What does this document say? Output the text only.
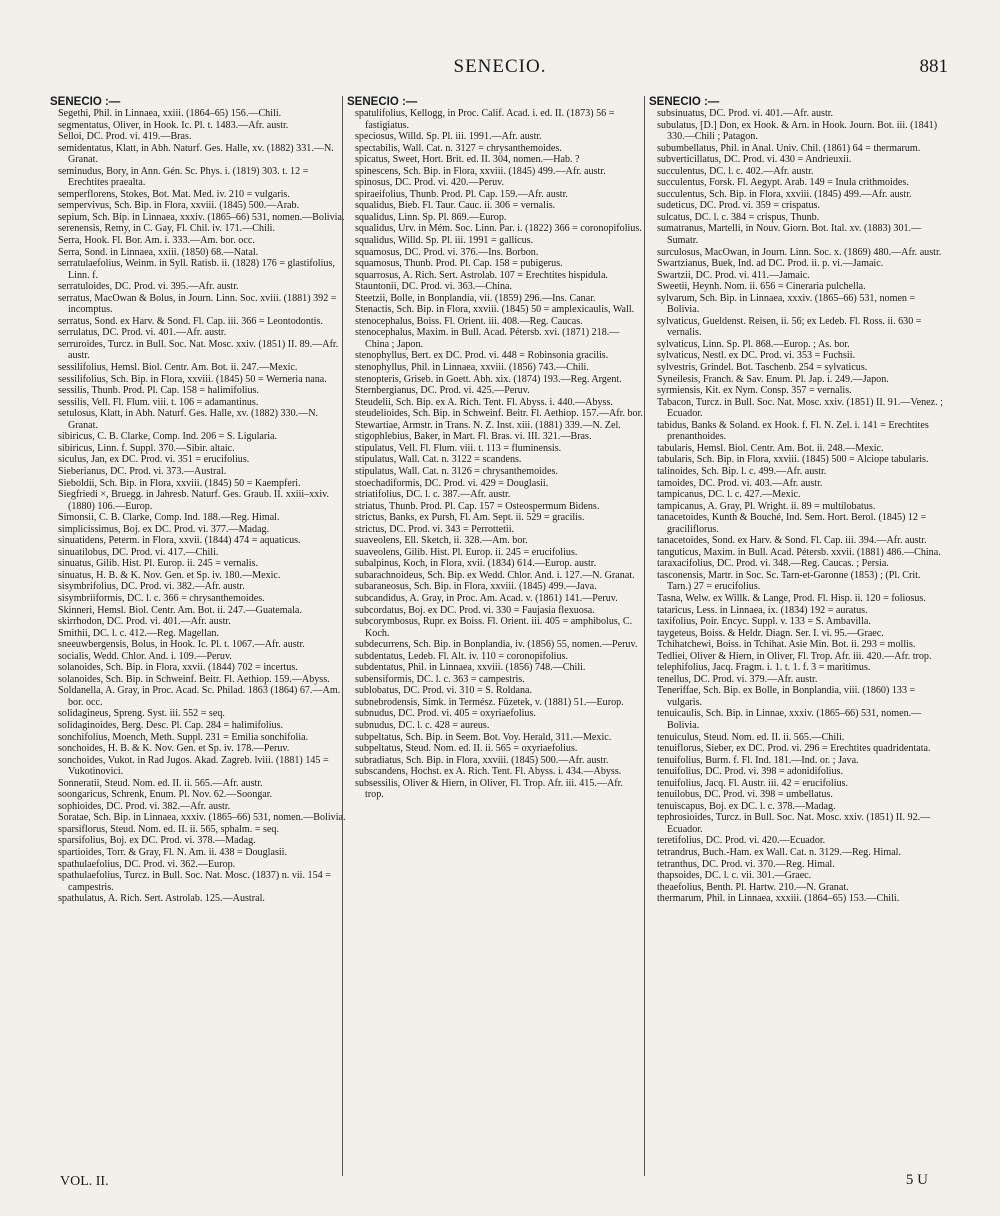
SENECIO.	881
SENECIO :—
Segethi, Phil. in Linnaea, xxiii. (1864–65) 156.—Chili.
segmentatus, Oliver, in Hook. Ic. Pl. t. 1483.—Afr. austr.
Selloi, DC. Prod. vi. 419.—Bras.
semidentatus, Klatt, in Abh. Naturf. Ges. Halle, xv. (1882) 331.—N. Granat.
seminudus, Bory, in Ann. Gén. Sc. Phys. i. (1819) 303. t. 12 = Erechtites praealta.
semperflorens, Stokes, Bot. Mat. Med. iv. 210 = vulgaris.
sempervivus, Sch. Bip. in Flora, xxviii. (1845) 500.—Arab.
sepium, Sch. Bip. in Linnaea, xxxiv. (1865–66) 531, nomen.—Bolivia.
serenensis, Remy, in C. Gay, Fl. Chil. iv. 171.—Chili.
Serra, Hook. Fl. Bor. Am. i. 333.—Am. bor. occ.
Serra, Sond. in Linnaea, xxiii. (1850) 68.—Natal.
serratulaefolius, Weinm. in Syll. Ratisb. ii. (1828) 176 = glastifolius, Linn. f.
serratuloides, DC. Prod. vi. 395.—Afr. austr.
serratus, MacOwan & Bolus, in Journ. Linn. Soc. xviii. (1881) 392 = incomptus.
serratus, Sond. ex Harv. & Sond. Fl. Cap. iii. 366 = Leontodontis.
serrulatus, DC. Prod. vi. 401.—Afr. austr.
serruroides, Turcz. in Bull. Soc. Nat. Mosc. xxiv. (1851) II. 89.—Afr. austr.
sessilifolius, Hemsl. Biol. Centr. Am. Bot. ii. 247.—Mexic.
sessilifolius, Sch. Bip. in Flora, xxviii. (1845) 50 = Werneria nana.
sessilis, Thunb. Prod. Pl. Cap. 158 = halimifolius.
sessilis, Vell. Fl. Flum. viii. t. 106 = adamantinus.
setulosus, Klatt, in Abh. Naturf. Ges. Halle, xv. (1882) 330.—N. Granat.
sibiricus, C. B. Clarke, Comp. Ind. 206 = S. Ligularia.
sibiricus, Linn. f. Suppl. 370.—Sibir. altaic.
siculus, Jan, ex DC. Prod. vi. 351 = erucifolius.
Sieberianus, DC. Prod. vi. 373.—Austral.
Sieboldii, Sch. Bip. in Flora, xxviii. (1845) 50 = Kaempferi.
Siegfriedi ×, Bruegg. in Jahresb. Naturf. Ges. Graub. II. xxiii–xxiv. (1880) 106.—Europ.
Simonsii, C. B. Clarke, Comp. Ind. 188.—Reg. Himal.
simplicissimus, Boj. ex DC. Prod. vi. 377.—Madag.
sinuatidens, Peterm. in Flora, xxvii. (1844) 474 = aquaticus.
sinuatilobus, DC. Prod. vi. 417.—Chili.
sinuatus, Gilib. Hist. Pl. Europ. ii. 245 = vernalis.
sinuatus, H. B. & K. Nov. Gen. et Sp. iv. 180.—Mexic.
sisymbrifolius, DC. Prod. vi. 382.—Afr. austr.
sisymbriiformis, DC. l. c. 366 = chrysanthemoides.
Skinneri, Hemsl. Biol. Centr. Am. Bot. ii. 247.—Guatemala.
skirrhodon, DC. Prod. vi. 401.—Afr. austr.
Smithii, DC. l. c. 412.—Reg. Magellan.
sneeuwbergensis, Bolus, in Hook. Ic. Pl. t. 1067.—Afr. austr.
socialis, Wedd. Chlor. And. i. 109.—Peruv.
solanoides, Sch. Bip. in Flora, xxvii. (1844) 702 = incertus.
solanoides, Sch. Bip. in Schweinf. Beitr. Fl. Aethiop. 159.—Abyss.
Soldanella, A. Gray, in Proc. Acad. Sc. Philad. 1863 (1864) 67.—Am. bor. occ.
solidagineus, Spreng. Syst. iii. 552 = seq.
solidaginoides, Berg. Desc. Pl. Cap. 284 = halimifolius.
sonchifolius, Moench, Meth. Suppl. 231 = Emilia sonchifolia.
sonchoides, H. B. & K. Nov. Gen. et Sp. iv. 178.—Peruv.
sonchoides, Vukot. in Rad Jugos. Akad. Zagreb. lviii. (1881) 145 = Vukotinovici.
Sonneratii, Steud. Nom. ed. II. ii. 565.—Afr. austr.
soongaricus, Schrenk, Enum. Pl. Nov. 62.—Soongar.
sophioides, DC. Prod. vi. 382.—Afr. austr.
Soratae, Sch. Bip. in Linnaea, xxxiv. (1865–66) 531, nomen.—Bolivia.
sparsiflorus, Steud. Nom. ed. II. ii. 565, sphalm. = seq.
sparsifolius, Boj. ex DC. Prod. vi. 378.—Madag.
spartioides, Torr. & Gray, Fl. N. Am. ii. 438 = Douglasii.
spathulaefolius, DC. Prod. vi. 362.—Europ.
spathulaefolius, Turcz. in Bull. Soc. Nat. Mosc. (1837) n. vii. 154 = campestris.
spathulatus, A. Rich. Sert. Astrolab. 125.—Austral.
SENECIO :—
spatulifolius, Kellogg, in Proc. Calif. Acad. i. ed. II. (1873) 56 = fastigiatus.
speciosus, Willd. Sp. Pl. iii. 1991.—Afr. austr.
spectabilis, Wall. Cat. n. 3127 = chrysanthemoides.
spicatus, Sweet, Hort. Brit. ed. II. 304, nomen.—Hab. ?
spinescens, Sch. Bip. in Flora, xxviii. (1845) 499.—Afr. austr.
spinosus, DC. Prod. vi. 420.—Peruv.
spiraeifolius, Thunb. Prod. Pl. Cap. 159.—Afr. austr.
squalidus, Bieb. Fl. Taur. Cauc. ii. 306 = vernalis.
squalidus, Linn. Sp. Pl. 869.—Europ.
squalidus, Urv. in Mém. Soc. Linn. Par. i. (1822) 366 = coronopifolius.
squalidus, Willd. Sp. Pl. iii. 1991 = gallicus.
squamosus, DC. Prod. vi. 376.—Ins. Borbon.
squamosus, Thunb. Prod. Pl. Cap. 158 = pubigerus.
squarrosus, A. Rich. Sert. Astrolab. 107 = Erechtites hispidula.
Stauntonii, DC. Prod. vi. 363.—China.
Steetzii, Bolle, in Bonplandia, vii. (1859) 296.—Ins. Canar.
Stenactis, Sch. Bip. in Flora, xxviii. (1845) 50 = amplexicaulis, Wall.
stenocephalus, Boiss. Fl. Orient. iii. 408.—Reg. Caucas.
stenocephalus, Maxim. in Bull. Acad. Pétersb. xvi. (1871) 218.—China ; Japon.
stenophyllus, Bert. ex DC. Prod. vi. 448 = Robinsonia gracilis.
stenophyllus, Phil. in Linnaea, xxviii. (1856) 743.—Chili.
stenopteris, Griseb. in Goett. Abh. xix. (1874) 193.—Reg. Argent.
Sternbergianus, DC. Prod. vi. 425.—Peruv.
Steudelii, Sch. Bip. ex A. Rich. Tent. Fl. Abyss. i. 440.—Abyss.
steudelioides, Sch. Bip. in Schweinf. Beitr. Fl. Aethiop. 157.—Afr. bor.
Stewartiae, Armstr. in Trans. N. Z. Inst. xiii. (1881) 339.—N. Zel.
stigophlebius, Baker, in Mart. Fl. Bras. vi. III. 321.—Bras.
stipulatus, Vell. Fl. Flum. viii. t. 113 = fluminensis.
stipulatus, Wall. Cat. n. 3122 = scandens.
stipulatus, Wall. Cat. n. 3126 = chrysanthemoides.
stoechadiformis, DC. Prod. vi. 429 = Douglasii.
striatifolius, DC. l. c. 387.—Afr. austr.
striatus, Thunb. Prod. Pl. Cap. 157 = Osteospermum Bidens.
strictus, Banks, ex Pursh, Fl. Am. Sept. ii. 529 = gracilis.
strictus, DC. Prod. vi. 343 = Perrottetii.
suaveolens, Ell. Sketch, ii. 328.—Am. bor.
suaveolens, Gilib. Hist. Pl. Europ. ii. 245 = erucifolius.
subalpinus, Koch, in Flora, xvii. (1834) 614.—Europ. austr.
subarachnoideus, Sch. Bip. ex Wedd. Chlor. And. i. 127.—N. Granat.
subaraneosus, Sch. Bip. in Flora, xxviii. (1845) 499.—Java.
subcandidus, A. Gray, in Proc. Am. Acad. v. (1861) 141.—Peruv.
subcordatus, Boj. ex DC. Prod. vi. 330 = Faujasia flexuosa.
subcorymbosus, Rupr. ex Boiss. Fl. Orient. iii. 405 = amphibolus, C. Koch.
subdecurrens, Sch. Bip. in Bonplandia, iv. (1856) 55, nomen.—Peruv.
subdentatus, Ledeb. Fl. Alt. iv. 110 = coronopifolius.
subdentatus, Phil. in Linnaea, xxviii. (1856) 748.—Chili.
subensiformis, DC. l. c. 363 = campestris.
sublobatus, DC. Prod. vi. 310 = S. Roldana.
subnebrodensis, Simk. in Termész. Füzetek, v. (1881) 51.—Europ.
subnudus, DC. Prod. vi. 405 = oxyriaefolius.
subnudus, DC. l. c. 428 = aureus.
subpeltatus, Sch. Bip. in Seem. Bot. Voy. Herald, 311.—Mexic.
subpeltatus, Steud. Nom. ed. II. ii. 565 = oxyriaefolius.
subradiatus, Sch. Bip. in Flora, xxviii. (1845) 500.—Afr. austr.
subscandens, Hochst. ex A. Rich. Tent. Fl. Abyss. i. 434.—Abyss.
subsessilis, Oliver & Hiern, in Oliver, Fl. Trop. Afr. iii. 415.—Afr. trop.
SENECIO :—
subsinuatus, DC. Prod. vi. 401.—Afr. austr.
subulatus, [D.] Don, ex Hook. & Arn. in Hook. Journ. Bot. iii. (1841) 330.—Chili ; Patagon.
subumbellatus, Phil. in Anal. Univ. Chil. (1861) 64 = thermarum.
subverticillatus, DC. Prod. vi. 430 = Andrieuxii.
succulentus, DC. l. c. 402.—Afr. austr.
succulentus, Forsk. Fl. Aegypt. Arab. 149 = Inula crithmoides.
succulentus, Sch. Bip. in Flora, xxviii. (1845) 499.—Afr. austr.
sudeticus, DC. Prod. vi. 359 = crispatus.
sulcatus, DC. l. c. 384 = crispus, Thunb.
sumatranus, Martelli, in Nouv. Giorn. Bot. Ital. xv. (1883) 301.—Sumatr.
surculosus, MacOwan, in Journ. Linn. Soc. x. (1869) 480.—Afr. austr.
Swartzianus, Buek, Ind. ad DC. Prod. ii. p. vi.—Jamaic.
Swartzii, DC. Prod. vi. 411.—Jamaic.
Sweetii, Heynh. Nom. ii. 656 = Cineraria pulchella.
sylvarum, Sch. Bip. in Linnaea, xxxiv. (1865–66) 531, nomen = Bolivia.
sylvaticus, Gueldenst. Reisen, ii. 56; ex Ledeb. Fl. Ross. ii. 630 = vernalis.
sylvaticus, Linn. Sp. Pl. 868.—Europ. ; As. bor.
sylvaticus, Nestl. ex DC. Prod. vi. 353 = Fuchsii.
sylvestris, Grindel. Bot. Taschenb. 254 = sylvaticus.
Syneilesis, Franch. & Sav. Enum. Pl. Jap. i. 249.—Japon.
syrmiensis, Kit. ex Nym. Consp. 357 = vernalis.
Tabacon, Turcz. in Bull. Soc. Nat. Mosc. xxiv. (1851) II. 91.—Venez. ; Ecuador.
tabidus, Banks & Soland. ex Hook. f. Fl. N. Zel. i. 141 = Erechtites prenanthoides.
tabularis, Hemsl. Biol. Centr. Am. Bot. ii. 248.—Mexic.
tabularis, Sch. Bip. in Flora, xxviii. (1845) 500 = Alciope tabularis.
talinoides, Sch. Bip. l. c. 499.—Afr. austr.
tamoides, DC. Prod. vi. 403.—Afr. austr.
tampicanus, DC. l. c. 427.—Mexic.
tampicanus, A. Gray, Pl. Wright. ii. 89 = multilobatus.
tanacetoides, Kunth & Bouché, Ind. Sem. Hort. Berol. (1845) 12 = graciliflorus.
tanacetoides, Sond. ex Harv. & Sond. Fl. Cap. iii. 394.—Afr. austr.
tanguticus, Maxim. in Bull. Acad. Pétersb. xxvii. (1881) 486.—China.
taraxacifolius, DC. Prod. vi. 348.—Reg. Caucas. ; Persia.
tasconensis, Martr. in Soc. Sc. Tarn-et-Garonne (1853) ; (Pl. Crit. Tarn.) 27 = erucifolius.
Tasna, Welw. ex Willk. & Lange, Prod. Fl. Hisp. ii. 120 = foliosus.
tataricus, Less. in Linnaea, ix. (1834) 192 = auratus.
taxifolius, Poir. Encyc. Suppl. v. 133 = S. Ambavilla.
taygeteus, Boiss. & Heldr. Diagn. Ser. I. vi. 95.—Graec.
Tchihatchewi, Boiss. in Tchihat. Asie Min. Bot. ii. 293 = mollis.
Tedliei, Oliver & Hiern, in Oliver, Fl. Trop. Afr. iii. 420.—Afr. trop.
telephifolius, Jacq. Fragm. i. 1. t. 1. f. 3 = maritimus.
tenellus, DC. Prod. vi. 379.—Afr. austr.
Teneriffae, Sch. Bip. ex Bolle, in Bonplandia, viii. (1860) 133 = vulgaris.
tenuicaulis, Sch. Bip. in Linnae, xxxiv. (1865–66) 531, nomen.—Bolivia.
tenuiculus, Steud. Nom. ed. II. ii. 565.—Chili.
tenuiflorus, Sieber, ex DC. Prod. vi. 296 = Erechtites quadridentata.
tenuifolius, Burm. f. Fl. Ind. 181.—Ind. or. ; Java.
tenuifolius, DC. Prod. vi. 398 = adonidifolius.
tenuifolius, Jacq. Fl. Austr. iii. 42 = erucifolius.
tenuilobus, DC. Prod. vi. 398 = umbellatus.
tenuiscapus, Boj. ex DC. l. c. 378.—Madag.
tephrosioides, Turcz. in Bull. Soc. Nat. Mosc. xxiv. (1851) II. 92.—Ecuador.
teretifolius, DC. Prod. vi. 420.—Ecuador.
tetrandrus, Buch.-Ham. ex Wall. Cat. n. 3129.—Reg. Himal.
tetranthus, DC. Prod. vi. 370.—Reg. Himal.
thapsoides, DC. l. c. vii. 301.—Graec.
theaefolius, Benth. Pl. Hartw. 210.—N. Granat.
thermarum, Phil. in Linnaea, xxxiii. (1864–65) 153.—Chili.
VOL. II.	5 U
